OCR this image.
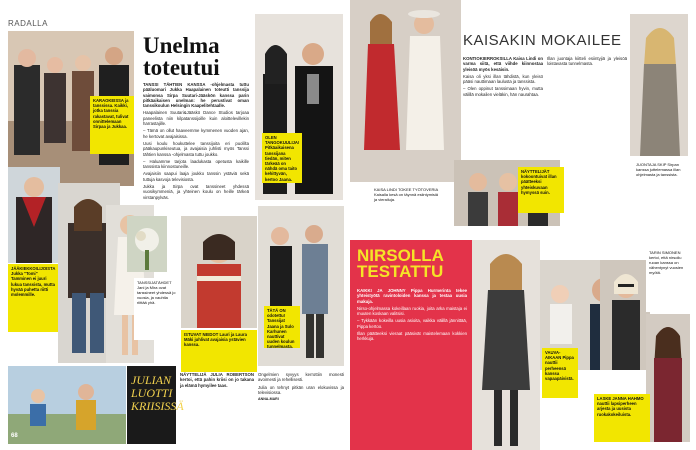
RADALLA
KARAOKEISSA ja tanssissa. Kaikki, jotka tanssia rakastavat, tulivat onnittelemaan Sirpaa ja Jukkaa.
Unelma
toteutui

TANSSI TÄHTIEN KANSSA -ohjelmasta tuttu pääluomari Jukka Haapalainen toteutti tanssija vaimonsa Sirpa Suutari-Jääskön kanssa parin pitkäaikaisen unelman: he perustivat oman tanssikoulun Helsingin Kaapelitehtaalle.

Haapalainen Suutari&Jääskö Dance Studios tarjoaa paneelista niin kilpatanssijoille kuin aloittelevillekin harrastajille.

– Tämä on ollut haaveemme kymmenen vuoden ajan, he kertovat avajaisissa.

Uusi koulu houkuttelee tanssijoita eri puolilta pääkaupunkiseutua, ja avajaisia juhlisti myös Tanssi tähtien kanssa -ohjelmasta tuttu joukko.

– Haluamme tarjota laadukasta opetusta kaikille tanssista kiinnostuneille.

Avajaisiin saapui laaja joukko tanssin ystäviä sekä tuttuja kasvoja televisiosta.

Jukka ja Sirpa ovat tanssineet yhdessä vuosikymmeniä, ja yhteinen koulu on heille tärkeä virstanpylväs.

OLEN TANGOKUULIJA! Pitkäaikaisena tanssijana tiedän, miten tärkeää on nähdä oma taito kehittyvän, kertoo Jaana.
JÄÄKIEKKOILIJOISTA Jukka "Tomi" Tamminen ei juuri lukua tanssista, mutta hyvää puhetta riitti molemmille.
TANSSIJATÄHDET Jani ja Mira ovat tanssineet yhdessä jo vuosia, ja vauhtia riittää yhä.
ISTUVAT NEIDOT Lauri ja Laura Mäki juhlivat avajaisia ystävien kanssa.
TÄTÄ ON odotettu! Tanssijat Jaana ja Sulo Karhunen nauttivat uuden koulun tunnelmasta.
68
JULIAN
LUOTTI
KRIISISSÄ

NÄYTTELIJÄ JULIA ROBERTSON kertoi, että pahin kriisi on jo takana ja elämä hymyilee taas.

Ongelmien syvyys kerrottiin monesti avoimesti ja rehellisesti.

Julia on tehnyt pitkän uran elokuvissa ja televisiossa.

ANNA-MARI
KAISAKIN MOKAILEE

KONTIOKIERROKSILLA Kaisa Lindi on varma siitä, että viihde kiinnostaa yleisöä myös kesäisin.

Kaisa oli yksi illan tähdistä, kun yleisö pääsi nauttimaan laulusta ja tanssista.

– Olen oppinut tanssimaan hyvin, mutta välillä mokailen vieläkin, hän naurahtaa.

Illan juontaja kiitteli esiintyjiä ja yleisöä loistavasta tunnelmasta.

JUONTAJA SKIP Sirpan kanssa juttelemassa illan ohjelmasta ja tanssista.
KAISA LINDI TOKEE TYÖTOVERIA Kaisalla kesä on täynnä esiintymisiä ja vierailuja.
NÄYTTELIJÄT kokoontuivat illan päätteeksi yhteiskuvaan hymyssä suin.
NIRSOLLA
TESTATTU

KAIKKI JA JOHNNY Pippa Hurmerinta tekee yhteistyötä ravintoloiden kanssa ja testaa uusia makuja.

Nirso-ohjelmassa kokeillaan ruokia, joita arka maistaja ei muuten koskaan valitsisi.

– Tykkään kokeilla uusia asioita, vaikka välillä jännittää, Pippa kertoo.

Illan päätteeksi vieraat pääsivät maistelemaan kokkien herkkuja.

VAUVA-AIKAAN Pippa nauttii perheensä kanssa vapaapäivistä.
TARIN SIMONEN kertoi, että nirsoilu ruoan kanssa on vähentynyt vuosien myötä.
LASKE JANNA HAHMO nauttii lapsiperheen arjesta ja uusista ruokakokeiluista.
